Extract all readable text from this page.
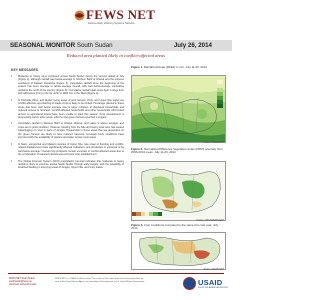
FEWS NET
Famine Early Warning Systems Network
SEASONAL MONITOR South Sudan	July 26, 2014
Reduced area planted likely in conflict-affected areas
KEY MESSAGES
• Moderate to heavy rains continued across South Sudan during the second dekad of July (Figure 1), although rainfall was below-average in Northern Bahr el Ghazal and the extreme southwest of Eastern Equatoria (Figure 2). Cumulative rainfall since the beginning of the season has been average to above-average overall, with well below-average cumulative rainfall in the north of the country (Figure 3). Cumulative rainfall totals since April 1 range from 100 millimeters (mm) in the far north to 1000 mm in the West (Figure 4).
• In Pochalla, Pibor, and Akobo, being areas of poor harvest, Unity, and Upper Nile states are conflict-affected, and planting of staple crops is likely to be limited. Hectarage planted in these areas has been well below average due to large numbers of displaced households and reduced access to farmland. Conflict-affected households and other households with limited access to agricultural inputs have been unable to plant this season. Crop development is progressing well in other areas, with the first green harvest expected in August.
• Cumulative rainfall in Western Bahr el Ghazal, Warrap, and Lakes is above average, and crops are in good condition. However, flooding from the Nile and heavy local rains has caused waterlogging of crops in parts of Jonglei. Households in these areas that are dependent on the green harvest are likely to face reduced harvests. Livestock body conditions have improved with the availability of pasture and water across most areas.
• In Nasir, Longochuk and Maiwut counties of Upper Nile, late onset of flooding and conflict-related displacement have significantly affected cultivation, and production is expected to be well below average. Overall crop prospects remain uncertain in conflict-affected areas due to the combination of reduced planted area and poor crop establishment.
• The Global Forecast System (GFS) precipitation forecast indicates that moderate to heavy rainfall is likely to continue across South Sudan through early August, with the possibility of localized flooding in low-lying areas of Jonglei, Upper Nile, and Unity states.
Figure 1. Rainfall estimate (RFE2) in mm, July 11-20, 2014
Source: NOAA/CPC
Figure 2. Normalized Difference Vegetation Index (NDVI) anomaly from 2006-2014 mean, July 11-20, 2014
Source: USGS/FEWS NET
Figure 3. Crop conditions compared to the same time last year, July 2014
Source: FEWS NET
FEWS NET South Sudan
southsudan@fews.net
www.fews.net/south-sudan
FEWS NET is a USAID-funded activity. The content of this report does not necessarily reflect the view of the United States Agency for International Development or the United States Government.	USAID
FROM THE AMERICAN PEOPLE
